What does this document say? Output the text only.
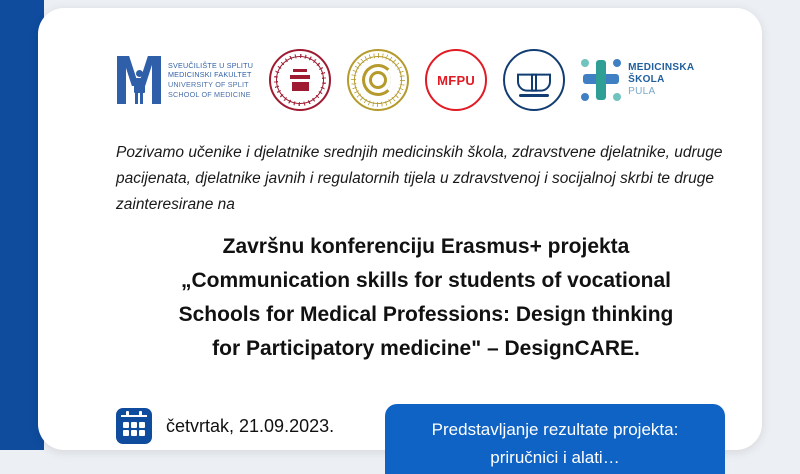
SVEUČILIŠTE U SPLITU
MEDICINSKI FAKULTET
UNIVERSITY OF SPLIT
SCHOOL OF MEDICINE
MFPU
MEDICINSKA
ŠKOLA
PULA
Pozivamo učenike i djelatnike srednjih medicinskih škola, zdravstvene djelatnike, udruge pacijenata, djelatnike javnih i regulatornih tijela u zdravstvenoj i socijalnoj skrbi te druge zainteresirane na
Završnu konferenciju Erasmus+ projekta
„Communication skills for students of vocational
Schools for Medical Professions: Design thinking
for Participatory medicine" – DesignCARE.
četvrtak, 21.09.2023.	Predstavljanje rezultate projekta:
priručnici i alati…
